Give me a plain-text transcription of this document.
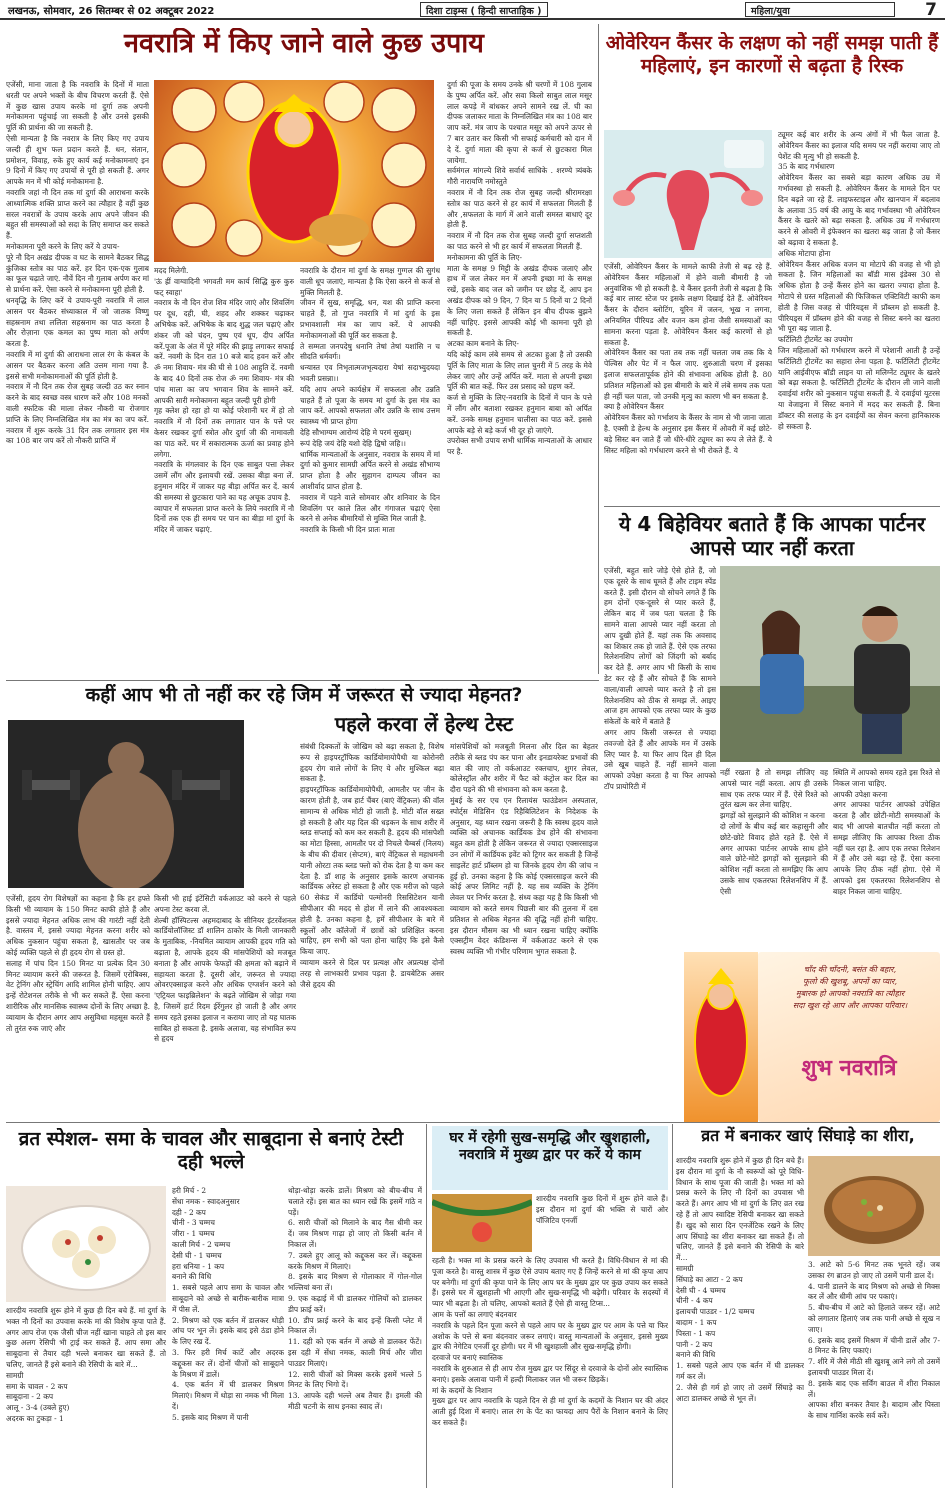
लखनऊ, सोमवार, 26 सितम्बर से 02 अक्टूबर 2022	दिशा टाइम्स ( हिन्दी साप्ताहिक )	महिला/युवा	7
नवरात्रि में किए जाने वाले कुछ उपाय
एजेंसी, माना जाता है कि नवरात्रि के दिनों में माता धरती पर अपने भक्तों के बीच विचरण करती हैं. ऐसे में कुछ खास उपाय करके मां दुर्गा तक अपनी मनोकामना पहुंचाई जा सकती है और उनसे इसकी पूर्ति की प्रार्थना की जा सकती है.
ऐसी मान्यता है कि नवरात्र के लिए किए गए उपाय जल्दी ही शुभ फल प्रदान करते हैं. धन, संतान, प्रमोशन, विवाह, रुके हुए कार्य कई मनोकामनाएं इन 9 दिनों में किए गए उपायों से पूरी हो सकती हैं. अगर आपके मन में भी कोई मनोकामना है.
नवरात्रि जहां नौ दिन तक मां दुर्गा की आराधना करके आध्यात्मिक शक्ति प्राप्त करने का त्यौहार है वहीं कुछ सरल नवरात्रों के उपाय करके आप अपने जीवन की बहुत सी समस्याओं को सदा के लिए समाप्त कर सकते हैं.
मनोकामना पूरी करने के लिए करें ये उपाय-
पूरे नौ दिन अखंड दीपक व घट के सामने बैठकर सिद्ध कुंजिका स्तोत्र का पाठ करें. हर दिन एक-एक गुलाब का फूल चढ़ाते जाएं. नौवें दिन नौ गुलाब अर्पण कर मां से प्रार्थना करें. ऐसा करने से मनोकामना पूरी होती है.
धनवृद्धि के लिए करें ये उपाय-पूरी नवरात्रि में लाल आसन पर बैठकर संध्याकाल में जो जातक विष्णु सहस्रनाम तथा ललिता सहस्रनाम का पाठ करता है और रोज़ाना एक कमल का पुष्प माता को अर्पण करता है.
नवरात्रि में मां दुर्गा की आराधना लाल रंग के कंबल के आसन पर बैठकर करना अति उत्तम माना गया है. इससे सभी मनोकामनाओं की पूर्ति होती है.
नवरात्र में नौ दिन तक रोज सुबह जल्दी उठ कर स्नान करने के बाद स्वच्छ वस्त्र धारण करें और 108 मनकों वाली स्फटिक की माला लेकर नौकरी या रोजगार प्राप्ति के लिए निम्नलिखित मंत्र का मंत्र का जप करें. नवरात्र में शुरू करके 31 दिन तक लगातार इस मंत्र का 108 बार जप करें तो नौकरी प्राप्ति में
मदद मिलेगी.
'ऊं ह्रीं वाग्वादिनी भगवती मम कार्य सिद्धि कुरु कुरु फट् स्वाहा'
नवरात्र के नौ दिन रोज शिव मंदिर जाएं और शिवलिंग पर दूध, दही, घी, शहद और शक्कर चढ़ाकर अभिषेक करें. अभिषेक के बाद शुद्ध जल चढ़ाएं और शंकर जी को चंदन, पुष्प एवं धूप, दीप अर्पित करें.पूजा के अंत में पूरे मंदिर की झाड़ू लगाकर सफाई करें. नवमी के दिन रात 10 बजे बाद हवन करें और ॐ नमः शिवाय- मंत्र की घी से 108 आहुति दें. नवमी के बाद 40 दिनों तक रोज ॐ नमः शिवाय- मंत्र की पांच माला का जप भगवान शिव के सामने करें. आपकी सारी मनोकामना बहुत जल्दी पूरी होगी
गृह क्लेश हो रहा हो या कोई परेशानी घर में हो तो नवरात्रि में नौ दिनों तक लगातार पान के पत्ते पर केसर रखकर दुर्गा स्त्रोत और दुर्गा जी की नामावली का पाठ करें. घर में सकारात्मक ऊर्जा का प्रवाह होने लगेगा.
नवरात्रि के मंगलवार के दिन एक साबुत पत्ता लेकर उसमें लौंग और इलायची रखें. उसका बीड़ा बना लें. हनुमान मंदिर में जाकर यह बीड़ा अर्पित कर दें. कार्य की समस्या से छुटकारा पाने का यह अचूक उपाय है.
व्यापार में सफलता प्राप्त करने के लिये नवरात्रि में नौ दिनों तक एक ही समय पर पान का बीड़ा मां दुर्गा के मंदिर में जाकर चढ़ाएं.
नवरात्रि के दौरान मां दुर्गा के समक्ष गुग्गल की सुगंध वाली धूप जलाएं, मान्यता है कि ऐसा करने से कर्ज से मुक्ति मिलती है.
जीवन में सुख, समृद्धि, धन, यश की प्राप्ति करना चाहते हैं, तो गुप्त नवरात्रि में मां दुर्गा के इस प्रभावशाली मंत्र का जाप करें. ये आपकी मनोकामनाओं की पूर्ति कर सकता है.
ते सम्मता जनपदेषु धनानि तेषां तेषां यशांसि न च सीदति धर्मवर्गः।
धन्यास्त एव निभृतात्मजभृत्यदारा येषां सदाभ्युदयदा भवती प्रसन्ना।।
यदि आप अपने कार्यक्षेत्र में सफलता और उन्नति चाहते हैं तो पूजा के समय मां दुर्गा के इस मंत्र का जाप करें. आपको सफलता और उन्नति के साथ उत्तम स्वास्थ्य भी प्राप्त होगा
देहि सौभाग्यम आरोग्यं देहि मे परमं सुखम्।
रूपं देहि जयं देहि यशो देहि द्विषो जहि।।
धार्मिक मान्यताओं के अनुसार, नवरात्र के समय में मां दुर्गा को कुमार सामग्री अर्पित करने से अखंड सौभाग्य प्राप्त होता है और सुहागन दाम्पत्य जीवन का आशीर्वाद प्राप्त होता है.
नवरात्र में पड़ने वाले सोमवार और शनिवार के दिन शिवलिंग पर काले तिल और गंगाजल चढ़ाएं ऐसा करने से अनेक बीमारियों से मुक्ति मिल जाती है.
नवरात्रि के किसी भी दिन प्रातः माता
दुर्गा की पूजा के समय उनके श्री चरणों में 108 गुलाब के पुष्प अर्पित करें. और सवा किलो साबुत लाल मसूर लाल कपड़े में बांधकर अपने सामने रख लें. घी का दीपक जलाकर माता के निम्नलिखित मंत्र का 108 बार जाप करें. मंत्र जाप के पश्चात मसूर को अपने ऊपर से 7 बार उतार कर किसी भी सफाई कर्मचारी को दान में दे दें. दुर्गा माता की कृपा से कर्ज से छुटकारा मिल जायेगा.
सर्वमंगल मांगल्ये शिवे सर्वार्थ साधिके . शरण्ये त्र्यंबके गौरी नारायणि नमोस्तुते
नवरात्र में नौ दिन तक रोज सुबह जल्दी श्रीरामरक्षा स्तोत्र का पाठ करने से हर कार्य में सफलता मिलती हैं और ,सफलता के मार्ग में आने वाली समस्त बाधाएं दूर होती हैं.
नवरात्र में नौ दिन तक रोज सुबह जल्दी दुर्गा सप्तशती का पाठ करने से भी हर कार्य में सफलता मिलती हैं.
मनोकामना की पूर्ति के लिए-
माता के समक्ष 9 मिट्टी के अखंड दीपक जलाएं और हाथ में जल लेकर मन में अपनी इच्छा मां के समक्ष रखें, इसके बाद जल को जमीन पर छोड़ दें, आप इन अखंड दीपक को 9 दिन, 7 दिन या 5 दिनों या 2 दिनों के लिए जला सकते हैं लेकिन इन बीच दीपक बुझने नहीं चाहिए. इससे आपकी कोई भी कामना पूरी हो सकती है.
अटका काम बनाने के लिए-
यदि कोई काम लंबे समय से अटका हुआ है तो उसकी पूर्ति के लिए माता के लिए लाल चुनरी में 5 तरह के मेवे लेकर जाएं और उन्हें अर्पित करें. माता से अपनी इच्छा पूर्ति की बात कहें. फिर उस प्रसाद को ग्रहण करें.
कर्ज से मुक्ति के लिए-नवरात्रि के दिनों में पान के पत्ते में लौंग और बताशा रखकर हनुमान बाबा को अर्पित करें. उनके समक्ष हनुमान चालीसा का पाठ करें. इससे आपके बड़े से बड़े कर्ज भी दूर हो जाएंगे.
उपरोक्त सभी उपाय सभी धार्मिक मान्यताओं के आधार पर है.
ओवेरियन कैंसर के लक्षण को नहीं समझ पाती हैं महिलाएं, इन कारणों से बढ़ता है रिस्क
एजेंसी, ओवेरियन कैंसर के मामले काफी तेजी से बढ़ रहे हैं. ओवेरियन कैंसर महिलाओं में होने वाली बीमारी है जो अनुवांशिक भी हो सकती है. ये कैंसर इतनी तेजी से बढ़ता है कि कई बार लास्ट स्टेज पर इसके लक्षण दिखाई देते हैं. ओवेरियन कैंसर के दौरान ब्लोटिंग, यूरिन में जलन, भूख न लगना, अनियमित पीरियड और वजन कम होना जैसी समस्याओं का सामना करना पड़ता है. ओवेरियन कैंसर कई कारणों से हो सकता है.
ओवेरियन कैंसर का पता तब तक नहीं चलता जब तक कि ये पेल्विस और पेट में न फैल जाए. शुरुआती चरण में इसका इलाज सफलतापूर्वक होने की संभावना अधिक होती है. 80 प्रतिशत महिलाओं को इस बीमारी के बारे में लंबे समय तक पता ही नहीं चल पाता, जो उनकी मृत्यु का कारण भी बन सकता है.
क्या है ओवेरियन कैंसर
ओवेरियन कैंसर को गर्भाशय के कैंसर के नाम से भी जाना जाता है. एक्सी डे हेल्थ के अनुसार इस कैंसर में ओवरी में कई छोटे-बड़े सिस्ट बन जाते हैं जो धीरे-धीरे ट्यूमर का रूप ले लेते हैं. ये सिस्ट महिला को गर्भधारण करने से भी रोकते हैं. ये
ट्यूमर कई बार शरीर के अन्य अंगों में भी फैल जाता है. ओवेरियन कैंसर का इलाज यदि समय पर नहीं कराया जाए तो पेशेंट की मृत्यु भी हो सकती है.
35 के बाद गर्भधारण
ओवेरियन कैंसर का सबसे बड़ा कारण अधिक उम्र में गर्भावस्था हो सकती है. ओवेरियन कैंसर के मामले दिन पर दिन बढ़ते जा रहे हैं. लाइफस्टाइल और खानपान में बदलाव के अलावा 35 वर्ष की आयु के बाद गर्भावस्था भी ओवेरियन कैंसर के खतरे को बढ़ा सकता है. अधिक उम्र में गर्भधारण करने से ओवरी में इंफेक्शन का खतरा बढ़ जाता है जो कैंसर को बढ़ावा दे सकता है.
अधिक मोटापा होना
ओवेरियन कैंसर अधिक वजन या मोटापे की वजह से भी हो सकता है. जिन महिलाओं का बॉडी मास इंडेक्स 30 से अधिक होता है उन्हें कैंसर होने का खतरा ज्यादा होता है. मोटापे से ग्रस्त महिलाओं की फिजिकल एक्टिविटी काफी कम होती है जिस वजह से पीरियड्स में प्रॉब्लम हो सकती है. पीरियड्स में प्रॉब्लम होने की वजह से सिस्ट बनने का खतरा भी पूरा बढ़ जाता है.
फर्टिलिटी ट्रीटमेंट का उपयोग
जिन महिलाओं को गर्भधारण करने में परेशानी आती है उन्हें फर्टिलिटी ट्रीटमेंट का सहारा लेना पड़ता है. फर्टिलिटी ट्रीटमेंट यानि आईवीएफ बॉडी लाइन या लो मलिग्नेंट ट्यूमर के खतरे को बढ़ा सकता है. फर्टिलिटी ट्रीटमेंट के दौरान ली जाने वाली दवाईयां शरीर को नुकसान पहुंचा सकती हैं. ये दवाईयां यूटरस या वेजाइना में सिस्ट बनाने में मदद कर सकती हैं. बिना डॉक्टर की सलाह के इन दवाईयों का सेवन करना हानिकारक हो सकता है.
ये 4 बिहेवियर बताते हैं कि आपका पार्टनर आपसे प्यार नहीं करता
एजेंसी, बहुत सारे जोड़े ऐसे होते हैं, जो एक दूसरे के साथ घूमते हैं और टाइम स्पेंड करते हैं. इसी दौरान वो सोचने लगते हैं कि हम दोनों एक-दूसरे से प्यार करते हैं, लेकिन बाद में जब पता चलता है कि सामने वाला आपसे प्यार नहीं करता तो आप दुखी होते हैं. यहां तक कि अवसाद का शिकार तक हो जाते हैं. ऐसे एक तरफा रिलेशनशिप लोगों को जिंदगी को बर्बाद कर देते हैं. अगर आप भी किसी के साथ डेट कर रहे हैं और सोचते हैं कि सामने वाला/वाली आपसे प्यार करते है तो इस रिलेशनशिप को ठीक से समझ लें. आइए आज हम आपको एक तरफा प्यार के कुछ संकेतों के बारे में बताते हैं
अगर आप किसी जरूरत से ज्यादा तवज्जो देते हैं और आपके मन में उसके लिए प्यार है. या फिर आप दिल ही दिल उसे खूब चाहते हैं. नहीं सामने वाला आपको उपेक्षा करता है या फिर आपको टॉप प्रायोरिटी में
नहीं रखता है तो समझ लीजिए वह आपसे प्यार नहीं करता. आप ही उसके साथ एक तरफ प्यार में हैं. ऐसे रिश्ते को तुरंत खत्म कर लेना चाहिए.
झगड़ों को सुलझाने की कोशिश न करना
दो लोगों के बीच कई बार कहासुनी और छोटे-छोटे विवाद होते रहते हैं. ऐसे में अगर आपका पार्टनर आपके साथ होने वाले छोटे-मोटे झगड़ों को सुलझाने की कोशिश नहीं करता तो समझिए कि आप उसके साथ एकतरफा रिलेशनशिप में हैं. ऐसी
स्थिति में आपको समय रहते इस रिश्ते से निकल जाना चाहिए.
आपकी उपेक्षा करना
अगर आपका पार्टनर आपको उपेक्षित करता है और छोटी-मोटी समस्याओं के बाद भी आपसे बातचीत नहीं करता तो समझ लीजिए कि आपका रिश्ता ठीक नहीं चल रहा है. आप एक तरफा रिलेशन में हैं और उसे बढ़ा रहे हैं. ऐसा करना आपके लिए ठीक नहीं होगा. ऐसे में आपको इस एकतरफा रिलेशनशिप से बाहर निकल जाना चाहिए.
चाँद की चाँदनी, बसंत की बहार,
फूलो की खुशबू, अपनों का प्यार,
मुबारक हो आपको नवरात्रि का त्यौहार
सदा खुश रहे आप और आपका परिवार।
शुभ नवरात्रि
कहीं आप भी तो नहीं कर रहे जिम में जरूरत से ज्यादा मेहनत?
पहले करवा लें हेल्थ टेस्ट
एजेंसी, हृदय रोग विशेषज्ञों का कहना है कि हर हफ्ते किसी भी व्यायाम के 150 मिनट काफी होते हैं और इससे ज्यादा मेहनत अधिक लाभ की गारंटी नहीं देती है. वास्तव में, इससे ज्यादा मेहनत करना शरीर को अधिक नुकसान पहुंचा सकता है, खासतौर पर जब कोई व्यक्ति पहले से ही हृदय रोग से ग्रस्त हो.
सलाह में पांच दिन 150 मिनट या प्रत्येक दिन 30 मिनट व्यायाम करने की जरूरत है. जिसमें एरोबिक्स, वेट ट्रेनिंग और स्ट्रेचिंग आदि शामिल होनी चाहिए. आप इन्हें रोटेशनल तरीके से भी कर सकते हैं. ऐसा करना शारीरिक और मानसिक स्वास्थ्य दोनों के लिए अच्छा है. व्यायाम के दौरान अगर आप असुविधा महसूस करते हैं तो तुरंत रुक जाएं और
किसी भी हाई इंटेंसिटी वर्कआउट को करने से पहले अपना टेस्ट करवा लें.
शेल्बी हॉस्पिटल्स अहमदाबाद के सीनियर इंटरवेंशनल कार्डियोलॉजिस्ट डॉ शालिन ठाकोर के मिली जानकारी के मुताबिक, -नियमित व्यायाम आपकी हृदय गति को बढ़ाता है, आपके हृदय की मांसपेशियों को मजबूत बनाता है और आपके फेफड़ों की क्षमता को बढ़ाने में सहायता करता है. दूसरी ओर, जरूरत से ज्यादा ओवरएक्साइज करने और अधिक एग्जर्शन करने को 'एट्रियल फाइब्रिलेशन' के बढ़ते जोखिम से जोड़ा गया है, जिसमें हार्ट रिदम ईर्रेगुलर हो जाती है और अगर समय रहते इसका इलाज न कराया जाए तो यह घातक साबित हो सकता है. इसके अलावा, यह संभावित रूप से हृदय
संबंधी दिक्कतों के जोखिम को बढ़ा सकता है, विशेष रूप से हाइपरट्रॉफिक कार्डियोमायोपैथी या कोरोनरी हृदय रोग वाले लोगों के लिए ये और मुश्किल बढ़ा सकता है.
हाइपरट्रॉफिक कार्डियोमायोपैथी, आमतौर पर जीन के कारण होती है, जब हार्ट चैंबर (बाएं वेंट्रिकल) की वॉल सामान्य से अधिक मोटी हो जाती है. मोटी वॉल सख्त हो सकती है और यह दिल की धड़कन के साथ शरीर में ब्लड सप्लाई को कम कर सकती है. हृदय की मांसपेशी का मोटा हिस्सा, आमतौर पर दो निचले चैम्बर्स (निलय) के बीच की दीवार (सेप्टम), बाएं वेंट्रिकल से महाधमनी यानी ओरटा तक ब्लड फ्लो को रोक देता है या कम कर देता है. डॉ शाह के अनुसार इसके कारण अचानक कार्डियक अरेस्ट हो सकता है और एक मरीज को पहले 60 सेकंड में कार्डियो पल्मोनरी रिससिटेशन यानी सीपीआर की मदद से होश में लाने की आवश्यकता होती है. उनका कहना है, हमें सीपीआर के बारे में स्कूलों और कॉलेजों में छात्रों को प्रशिक्षित करना चाहिए, हम सभी को पता होना चाहिए कि इसे कैसे किया जाए.
व्यायाम करने से दिल पर प्रत्यक्ष और अप्रत्यक्ष दोनों तरह से लाभकारी प्रभाव पड़ता है. डायबेटिक असर जैसे हृदय की
मांसपेशियों को मजबूती मिलना और दिल का बेहतर तरीके से ब्लड पंप कर पाना और इनडायरेक्ट प्रभावों की बात की जाए तो वर्कआउट रक्तचाप, शुगर लेवल, कोलेस्ट्रॉल और शरीर में फैट को कंट्रोल कर दिल का दौरा पड़ने की भी संभावना को कम करता है.
मुंबई के सर एच एन रिलायंस फाउंडेशन अस्पताल, स्पोर्ट्स मेडिसिन एंड रिहैबिलिटेशन के निदेशक के अनुसार, यह ध्यान रखना जरूरी है कि स्वस्थ हृदय वाले व्यक्ति को अचानक कार्डियक डेथ होने की संभावना बहुत कम होती है लेकिन जरूरत से ज्यादा एक्सरसाइज उन लोगों में कार्डियक इवेंट को ट्रिगर कर सकती है जिन्हें साइलेंट हार्ट प्रॉब्लम हो या जिनके हृदय रोग की जांच न हुई हो. उनका कहना है कि कोई एक्सरसाइज करने की कोई अपर लिमिट नहीं है. यह सब व्यक्ति के ट्रेनिंग लेवल पर निर्भर करता है. संध्य कहा यह है कि किसी भी व्यायाम को करते समय पिछली बार की तुलना में दस प्रतिशत से अधिक मेहनत की वृद्धि नहीं होनी चाहिए. इस दौरान मौसम का भी ध्यान रखना चाहिए क्योंकि एक्सट्रीम वेदर कंडिशन्स में वर्कआउट करने से एक स्वस्थ व्यक्ति भी गंभीर परिणाम भुगत सकता है.
व्रत स्पेशल- समा के चावल और साबूदाना से बनाएं टेस्टी दही भल्ले
शारदीय नवरात्रि शुरू होने में कुछ ही दिन बचे हैं. मां दुर्गा के भक्त नौ दिनों का उपवास करके मां की विशेष कृपा पाते हैं. अगर आप रोज एक जैसी चीज नहीं खाना चाहते तो इस बार कुछ अलग रेसिपी भी ट्राई कर सकते हैं. आप समा और साबूदाना से तैयार दही भल्ले बनाकर खा सकते हैं. तो चलिए, जानते हैं इसे बनाने की रेसिपी के बारे में...
सामग्री
समा के चावल - 2 कप
साबूदाना - 2 कप
आलू - 3-4 (उबले हुए)
अदरक का टुकड़ा - 1
हरी मिर्च - 2
सेंधा नमक - स्वादअनुसार
दही - 2 कप
चीनी - 3 चम्मच
जीरा - 1 चम्मच
काली मिर्च - 2 चम्मच
देसी घी - 1 चम्मच
हरा धनिया - 1 कप
बनाने की विधि
1. सबसे पहले आप समा के चावल और साबूदाने को अच्छे से बारीक-बारीक मात्रा में पीस लें.
2. मिश्रण को एक बर्तन में डालकर थोड़ी आंच पर भून लें। इसके बाद इसे ठंडा होने के लिए रख दें.
3. फिर हरी मिर्च काटें और अदरक कद्दूकस कर लें। दोनों चीजों को साबूदाने के मिश्रण में डालें।
4. एक बर्तन में घी डालकर मिश्रण मिलाएं। मिश्रण में थोड़ा सा नमक भी मिला दें।
5. इसके बाद मिश्रण में पानी
थोड़ा-थोड़ा करके डालें। मिश्रण को बीच-बीच में चलाते रहें। इस बात का ध्यान रखें कि इसमें गांठे न पड़ें।
6. सारी चीजों को मिलाने के बाद गैस धीमी कर दें। जब मिश्रण गाढ़ा हो जाए तो किसी बर्तन में निकाल लें।
7. उबले हुए आलू को कद्दूकस कर लें। कद्दूकस करके मिश्रण में मिलाएं।
8. इसके बाद मिश्रण से गोलाकार में गोल-गोल भल्लियां बना लें।
9. एक कढ़ाई में घी डालकर गोलियों को डालकर डीप फ्राई करें।
10. डीप फ्राई करने के बाद इन्हें किसी प्लेट में निकाल लें।
11. दही को एक बर्तन में अच्छे से डालकर फेंटें। इस दही में सेंधा नमक, काली मिर्च और जीरा पाउडर मिलाएं।
12. सारी चीजों को मिक्स करके इसमें भल्ले 5 मिनट के लिए भिगो दें।
13. आपके दही भल्ले अब तैयार हैं। इमली की मीठी चटनी के साथ इनका स्वाद लें।
घर में रहेगी सुख-समृद्धि और खुशहाली, नवरात्रि में मुख्य द्वार पर करें ये काम
शारदीय नवरात्रि कुछ दिनों में शुरू होने वाले हैं। इस दौरान मां दुर्गा की भक्ति से चारों ओर पॉजिटिव एनर्जी
रहती है। भक्त मां के प्रसन्न करने के लिए उपवास भी करते है। विधि-विधान से मां की पूजा करते है। वास्तु शास्त्र में कुछ ऐसे उपाय बताए गए हैं जिन्हें करने से मां की कृपा आप पर बनेगी। मां दुर्गा की कृपा पाने के लिए आप घर के मुख्य द्वार पर कुछ उपाय कर सकते हैं। इससे घर में खुशहाली भी आएगी और सुख-समृद्धि भी बढ़ेगी। परिवार के सदस्यों में प्यार भी बढ़ता है। तो चलिए, आपको बताते हैं ऐसे ही वास्तु टिप्स...
आम के पत्तों का लगाएं बंदनवार
नवरात्रि के पहले दिन पूजा करने से पहले आप घर के मुख्य द्वार पर आम के पत्ते या फिर अशोक के पत्ते से बना बंदनवार जरूर लगाएं। वास्तु मान्यताओं के अनुसार, इससे मुख्य द्वार की नेगेटिव एनर्जी दूर होगी। घर में भी खुशहाली और सुख-समृद्धि होगी।
दरवाजे पर बनाएं स्वास्तिक
नवरात्रि के शुरुआत से ही आप रोज मुख्य द्वार पर सिंदूर से दरवाजे के दोनों ओर स्वास्तिक बनाएं। इसके अलावा पानी में हल्दी मिलाकर जल भी जरूर छिड़कें।
मां के कदमों के निशान
मुख्य द्वार पर आप नवरात्रि के पहले दिन से ही मां दुर्गा के कदमों के निशान घर की अंदर आती हुई दिशा में बनाएं। लाल रंग के पेंट का फायदा आप पैरों के निशान बनाने के लिए कर सकते हैं।
व्रत में बनाकर खाएं सिंघाड़े का शीरा,
शारदीय नवरात्रि शुरू होने में कुछ ही दिन बचे हैं। इस दौरान मां दुर्गा के नौ स्वरूपों को पूरे विधि-विधान के साथ पूजा की जाती है। भक्त मां को प्रसन्न करने के लिए नौ दिनों का उपवास भी करते हैं। अगर आप भी मां दुर्गा के लिए व्रत रख रहे हैं तो आप स्वादिष्ट रेसिपी बनाकर खा सकते हैं। खुद को सारा दिन एनर्जेटिक रखने के लिए आप सिंघाड़े का शीरा बनाकर खा सकते हैं। तो चलिए, जानते हैं इसे बनाने की रेसिपी के बारे में...
सामग्री
सिंघाड़े का आटा - 2 कप
देसी घी - 4 चम्मच
चीनी - 4 कप
इलायची पाउडर - 1/2 चम्मच
बादाम - 1 कप
पिस्ता - 1 कप
पानी - 2 कप
बनाने की विधि
1. सबसे पहले आप एक बर्तन में घी डालकर गर्म कर लें।
2. जैसे ही गर्म हो जाए तो उसमें सिंघाड़े का आटा डालकर अच्छे से भून लें।
3. आटे को 5-6 मिनट तक भूनते रहें। जब उसका रंग ब्राउन हो जाए तो उसमें पानी डाल दें।
4. पानी डालने के बाद मिश्रण को अच्छे से मिक्स कर लें और धीमी आंच पर पकाएं।
5. बीच-बीच में आटे को हिलाते जरूर रहें। आटे को लगातार हिलाएं जब तक पानी अच्छे से सूख न जाए।
6. इसके बाद इसमें मिश्रण में चीनी डालें और 7-8 मिनट के लिए पकाएं।
7. शीरे में जैसे मीठी सी खुशबू आने लगे तो उसमें इलायची पाउडर मिला दें।
8. इसके बाद एक सर्विंग बाउल में शीरा निकाल लें।
आपका शीरा बनकर तैयार है। बादाम और पिस्ता के साथ गार्निश करके सर्व करें।
